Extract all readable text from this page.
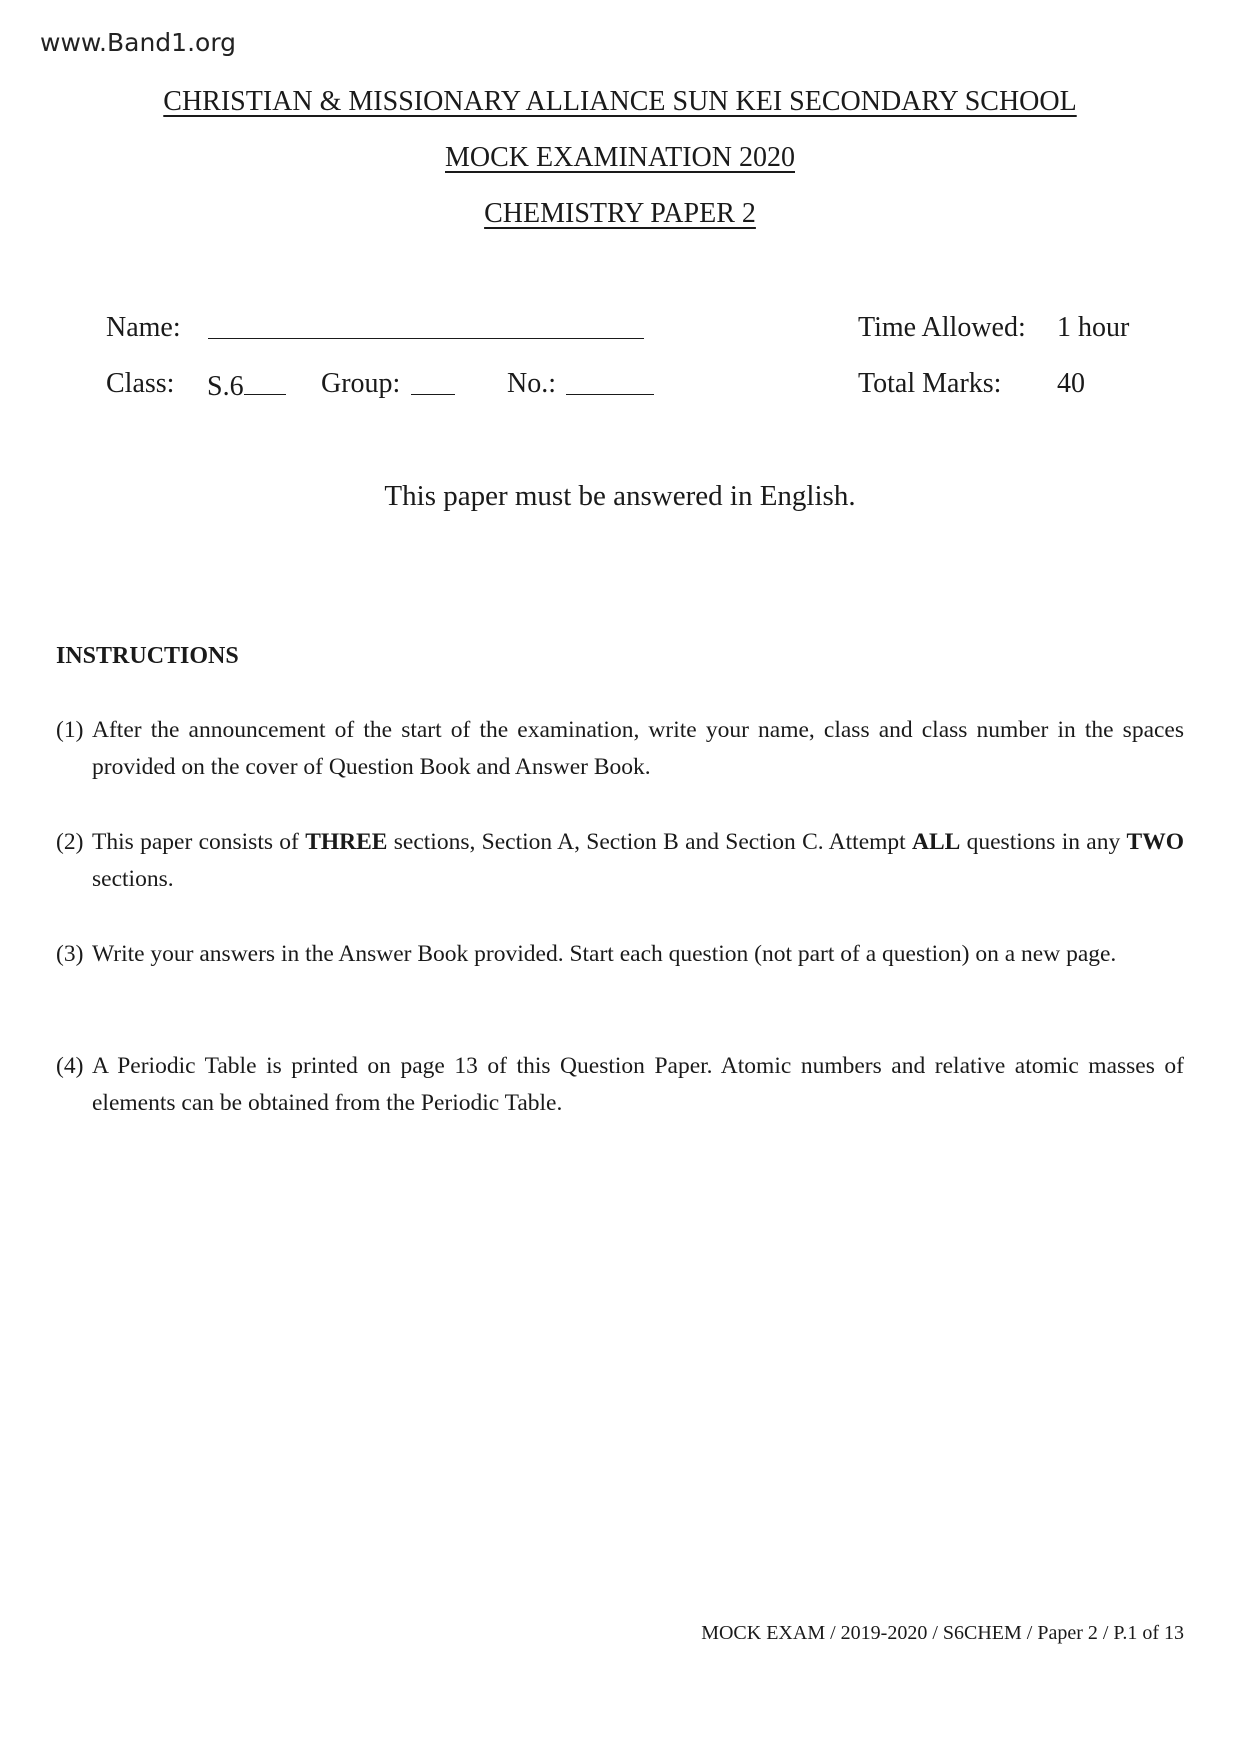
www.Band1.org
CHRISTIAN & MISSIONARY ALLIANCE SUN KEI SECONDARY SCHOOL
MOCK EXAMINATION 2020
CHEMISTRY PAPER 2
Name:	Time Allowed: 1 hour
Class: S.6	Group:	No.:	Total Marks: 40
This paper must be answered in English.
INSTRUCTIONS
(1) After the announcement of the start of the examination, write your name, class and class number in the spaces provided on the cover of Question Book and Answer Book.
(2) This paper consists of THREE sections, Section A, Section B and Section C. Attempt ALL questions in any TWO sections.
(3) Write your answers in the Answer Book provided. Start each question (not part of a question) on a new page.
(4) A Periodic Table is printed on page 13 of this Question Paper. Atomic numbers and relative atomic masses of elements can be obtained from the Periodic Table.
MOCK EXAM / 2019-2020 / S6CHEM / Paper 2 / P.1 of 13
